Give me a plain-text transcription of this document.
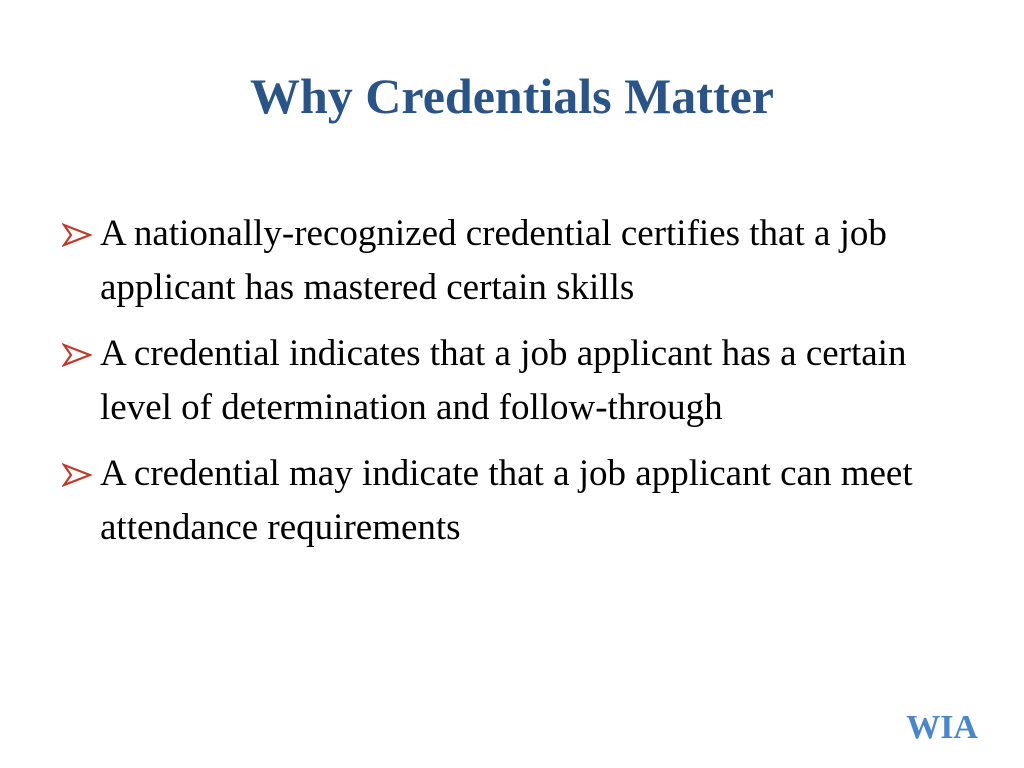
Why Credentials Matter
A nationally-recognized credential certifies that a job applicant has mastered certain skills
A credential indicates that a job applicant has a certain level of determination and follow-through
A credential may indicate that a job applicant can meet attendance requirements
WIA
